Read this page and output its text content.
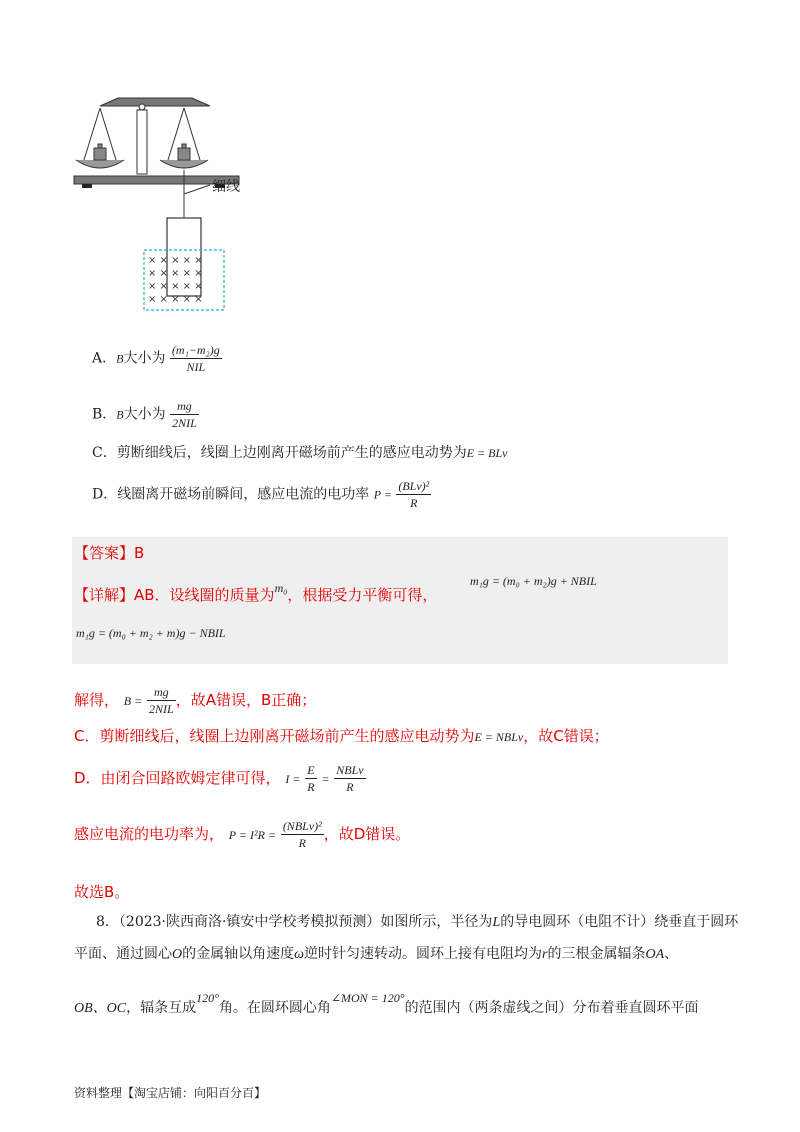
× × × × ×
× × × × ×
× × × × ×
× × × × ×
细线
A．B大小为 $\frac{\text{(m₁−m₂)g}}{\text{NIL}}$
B．B大小为 $\frac{mg}{\text{2NIL}}$
C．剪断细线后，线圈上边刚离开磁场前产生的感应电动势为E = BLv
D．线圈离开磁场前瞬间，感应电流的电功率 $P = \frac{\text{(BLv)²}}{R}$
【答案】B
【详解】AB．设线圈的质量为$^{m_0}$，根据受力平衡可得，
m₁g = (m₀ + m₂)g + NBIL
m₁g = (m₀ + m₂ + m)g − NBIL
解得， $B = \frac{mg}{\text{2NIL}}$ ，故A错误，B正确；
C．剪断细线后，线圈上边刚离开磁场前产生的感应电动势为E = NBLv，故C错误；
D．由闭合回路欧姆定律可得， $I = \frac{E}{R} = \frac{\text{NBLv}}{R}$
感应电流的电功率为， $P = I^2R = \frac{\text{(NBLv)²}}{R}$ ，故D错误。
故选B。
8．（2023·陕西商洛·镇安中学校考模拟预测）如图所示，半径为L的导电圆环（电阻不计）绕垂直于圆环
平面、通过圆心O的金属轴以角速度ω逆时针匀速转动。圆环上接有电阻均为r的三根金属辐条OA、
OB、OC，辐条互成120°角。在圆环圆心角∠MON = 120°的范围内（两条虚线之间）分布着垂直圆环平面
资料整理【淘宝店铺：向阳百分百】
